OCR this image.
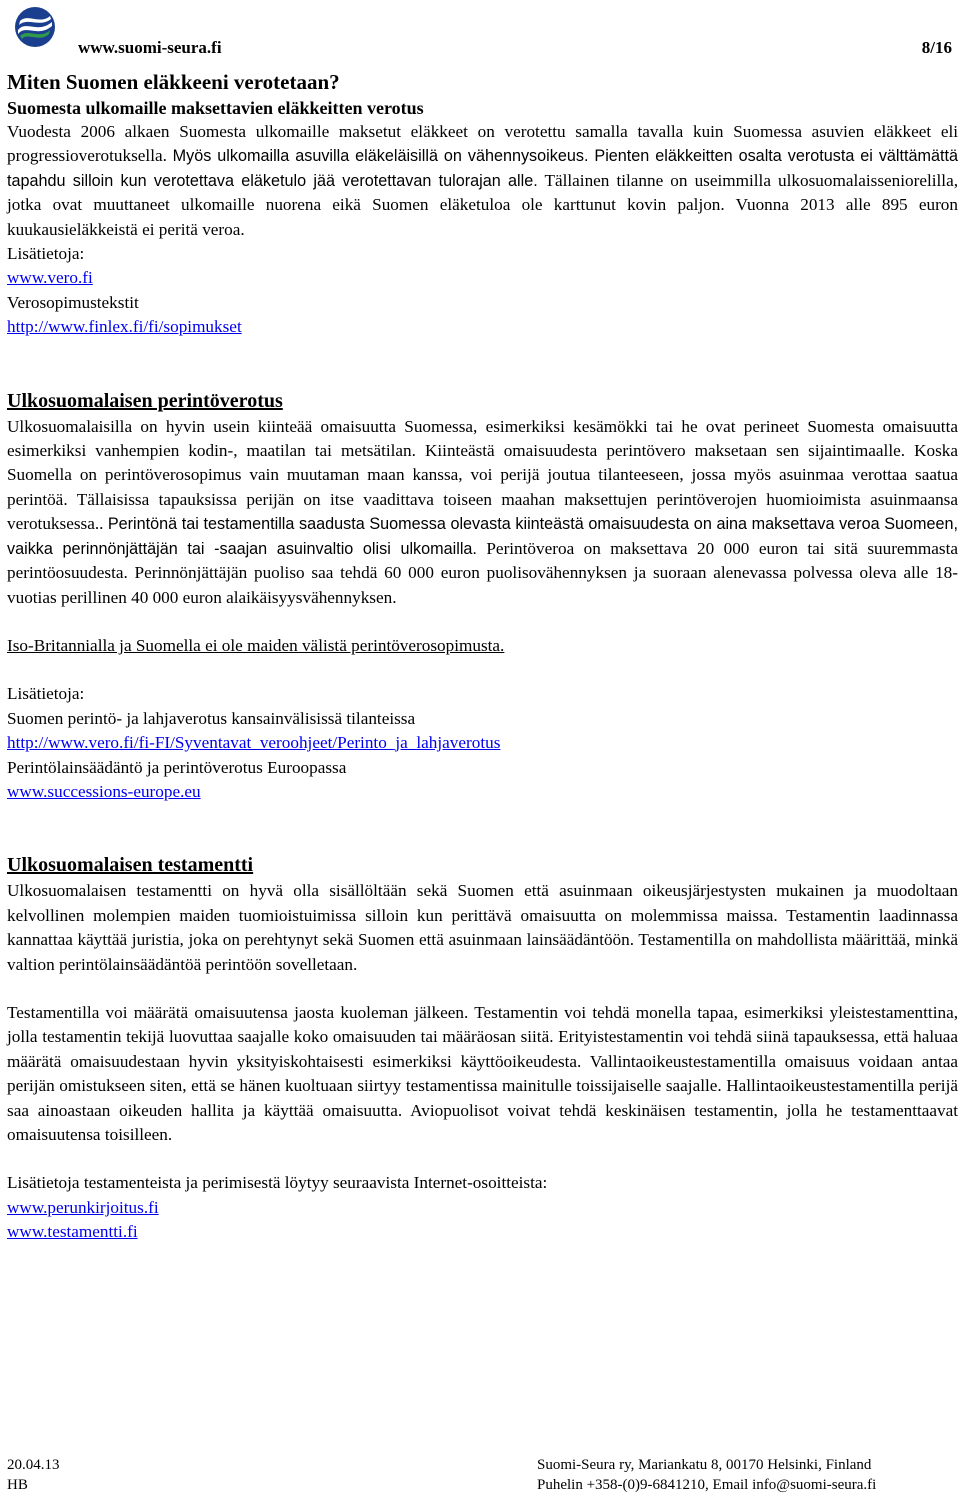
www.suomi-seura.fi	8/16

Miten Suomen eläkkeeni verotetaan?

Suomesta ulkomaille maksettavien eläkkeitten verotus

Vuodesta 2006 alkaen Suomesta ulkomaille maksetut eläkkeet on verotettu samalla tavalla kuin Suomessa asuvien eläkkeet eli progressioverotuksella. Myös ulkomailla asuvilla eläkeläisillä on vähennysoikeus. Pienten eläkkeitten osalta verotusta ei välttämättä tapahdu silloin kun verotettava eläketulo jää verotettavan tulorajan alle. Tällainen tilanne on useimmilla ulkosuomalaisseniorelilla, jotka ovat muuttaneet ulkomaille nuorena eikä Suomen eläketuloa ole karttunut kovin paljon. Vuonna 2013 alle 895 euron kuukausieläkkeistä ei peritä veroa.

Lisätietoja:

www.vero.fi

Verosopimustekstit

http://www.finlex.fi/fi/sopimukset

Ulkosuomalaisen perintöverotus

Ulkosuomalaisilla on hyvin usein kiinteää omaisuutta Suomessa, esimerkiksi kesämökki tai he ovat perineet Suomesta omaisuutta esimerkiksi vanhempien kodin-, maatilan tai metsätilan. Kiinteästä omaisuudesta perintövero maksetaan sen sijaintimaalle. Koska Suomella on perintöverosopimus vain muutaman maan kanssa, voi perijä joutua tilanteeseen, jossa myös asuinmaa verottaa saatua perintöä. Tällaisissa tapauksissa perijän on itse vaadittava toiseen maahan maksettujen perintöverojen huomioimista asuinmaansa verotuksessa.. Perintönä tai testamentilla saadusta Suomessa olevasta kiinteästä omaisuudesta on aina maksettava veroa Suomeen, vaikka perinnönjättäjän tai -saajan asuinvaltio olisi ulkomailla. Perintöveroa on maksettava 20 000 euron tai sitä suuremmasta perintöosuudesta. Perinnönjättäjän puoliso saa tehdä 60 000 euron puolisovähennyksen ja suoraan alenevassa polvessa oleva alle 18-vuotias perillinen 40 000 euron alaikäisyysvähennyksen.

Iso-Britannialla ja Suomella ei ole maiden välistä perintöverosopimusta.

Lisätietoja:

Suomen perintö- ja lahjaverotus kansainvälisissä tilanteissa

http://www.vero.fi/fi-FI/Syventavat_veroohjeet/Perinto_ja_lahjaverotus

Perintölainsäädäntö ja perintöverotus Euroopassa

www.successions-europe.eu

Ulkosuomalaisen testamentti

Ulkosuomalaisen testamentti on hyvä olla sisällöltään sekä Suomen että asuinmaan oikeusjärjestysten mukainen ja muodoltaan kelvollinen molempien maiden tuomioistuimissa silloin kun perittävä omaisuutta on molemmissa maissa. Testamentin laadinnassa kannattaa käyttää juristia, joka on perehtynyt sekä Suomen että asuinmaan lainsäädäntöön. Testamentilla on mahdollista määrittää, minkä valtion perintölainsäädäntöä perintöön sovelletaan.

Testamentilla voi määrätä omaisuutensa jaosta kuoleman jälkeen. Testamentin voi tehdä monella tapaa, esimerkiksi yleistestamenttina, jolla testamentin tekijä luovuttaa saajalle koko omaisuuden tai määräosan siitä. Erityistestamentin voi tehdä siinä tapauksessa, että haluaa määrätä omaisuudestaan hyvin yksityiskohtaisesti esimerkiksi käyttöoikeudesta. Vallintaoikeustestamentilla omaisuus voidaan antaa perijän omistukseen siten, että se hänen kuoltuaan siirtyy testamentissa mainitulle toissijaiselle saajalle. Hallintaoikeustestamentilla perijä saa ainoastaan oikeuden hallita ja käyttää omaisuutta. Aviopuolisot voivat tehdä keskinäisen testamentin, jolla he testamenttaavat omaisuutensa toisilleen.

Lisätietoja testamenteista ja perimisestä löytyy seuraavista Internet-osoitteista:

www.perunkirjoitus.fi

www.testamentti.fi

20.04.13
HB
Suomi-Seura ry, Mariankatu 8, 00170 Helsinki, Finland
Puhelin +358-(0)9-6841210, Email info@suomi-seura.fi
